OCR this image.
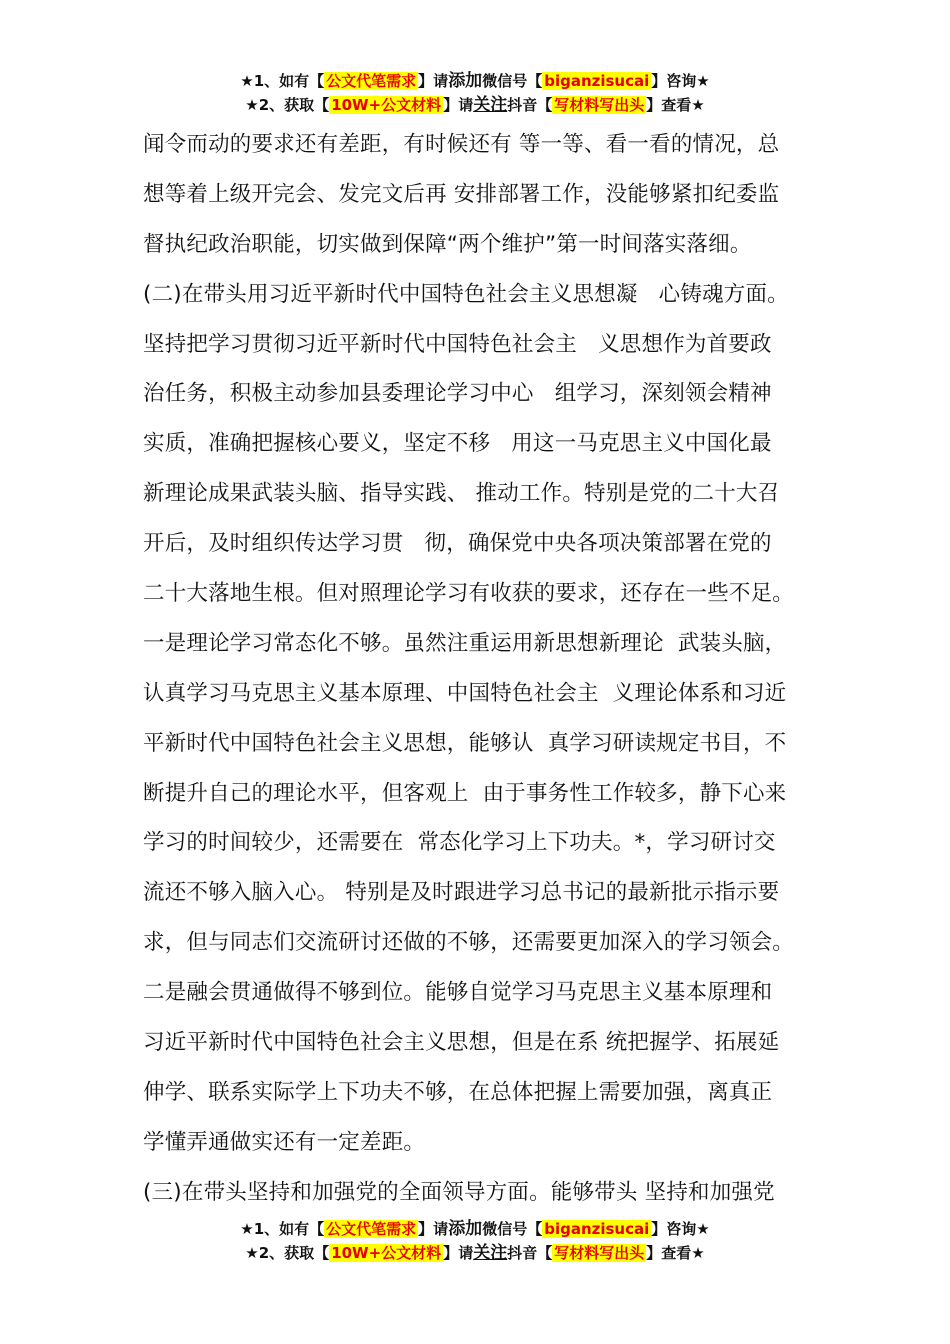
★1、如有【 公文代笔需求 】请添加微信号【 biganzisucai 】咨询★
★2、获取【 10W+公文材料 】请关注抖音【 写材料写出头 】查看★
闻令而动的要求还有差距，有时候还有 等一等、看一看的情况，总
想等着上级开完会、发完文后再 安排部署工作，没能够紧扣纪委监
督执纪政治职能，切实做到保障“两个维护”第一时间落实落细。
(二)在带头用习近平新时代中国特色社会主义思想凝   心铸魂方面。
坚持把学习贯彻习近平新时代中国特色社会主   义思想作为首要政
治任务，积极主动参加县委理论学习中心   组学习，深刻领会精神
实质，准确把握核心要义，坚定不移   用这一马克思主义中国化最
新理论成果武装头脑、指导实践、 推动工作。特别是党的二十大召
开后，及时组织传达学习贯   彻，确保党中央各项决策部署在党的
二十大落地生根。但对照理论学习有收获的要求，还存在一些不足。
一是理论学习常态化不够。虽然注重运用新思想新理论  武装头脑，
认真学习马克思主义基本原理、中国特色社会主  义理论体系和习近
平新时代中国特色社会主义思想，能够认  真学习研读规定书目，不
断提升自己的理论水平，但客观上  由于事务性工作较多，静下心来
学习的时间较少，还需要在  常态化学习上下功夫。*，学习研讨交
流还不够入脑入心。 特别是及时跟进学习总书记的最新批示指示要
求，但与同志们交流研讨还做的不够，还需要更加深入的学习领会。
二是融会贯通做得不够到位。能够自觉学习马克思主义基本原理和
习近平新时代中国特色社会主义思想，但是在系 统把握学、拓展延
伸学、联系实际学上下功夫不够，在总体把握上需要加强，离真正
学懂弄通做实还有一定差距。
(三)在带头坚持和加强党的全面领导方面。能够带头 坚持和加强党
★1、如有【 公文代笔需求 】请添加微信号【 biganzisucai 】咨询★
★2、获取【 10W+公文材料 】请关注抖音【 写材料写出头 】查看★
